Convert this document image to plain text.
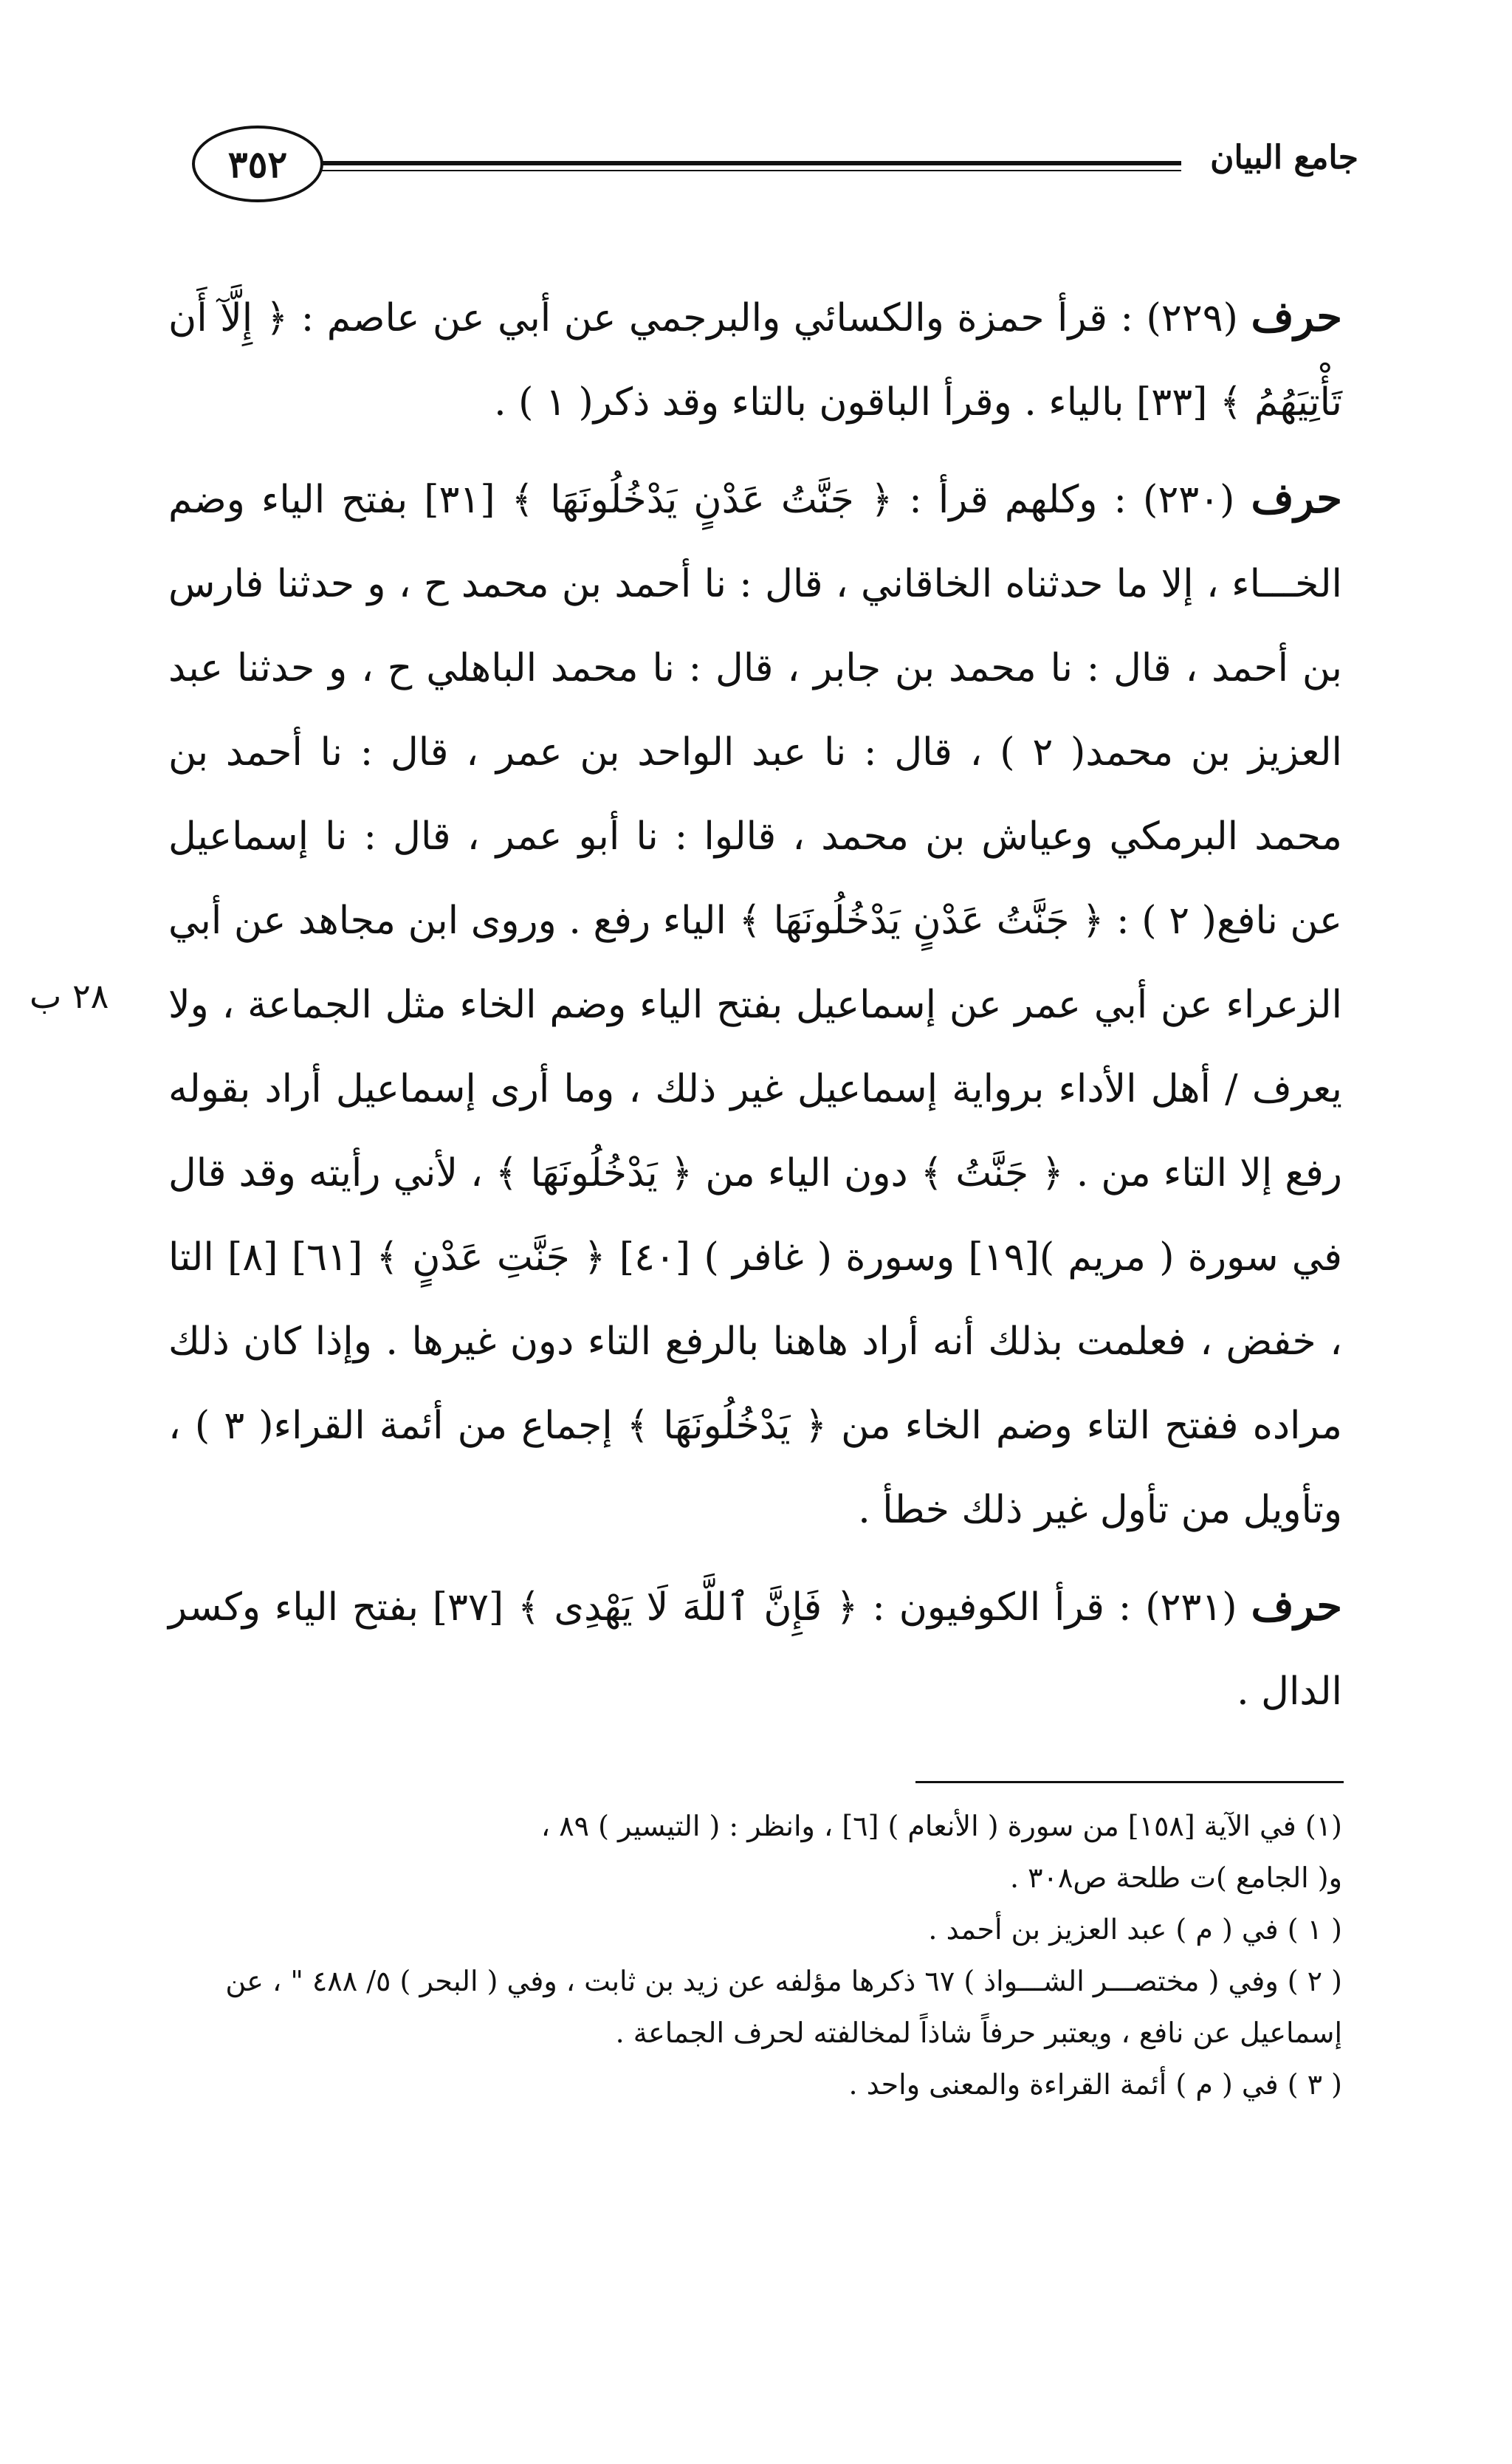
جامع البيان
٣٥٢
٢٨ ب

حرف (٢٢٩) : قرأ حمزة والكسائي والبرجمي عن أبي عن عاصم : ﴿ إِلَّآ أَن تَأْتِيَهُمُ ﴾ [٣٣] بالياء . وقرأ الباقون بالتاء وقد ذكر( ١ ) .

حرف (٢٣٠) : وكلهم قرأ : ﴿ جَنَّتُ عَدْنٍ يَدْخُلُونَهَا ﴾ [٣١] بفتح الياء وضم الخـــاء ، إلا ما حدثناه الخاقاني ، قال : نا أحمد بن محمد ح ، و حدثنا فارس بن أحمد ، قال : نا محمد بن جابر ، قال : نا محمد الباهلي ح ، و حدثنا عبد العزيز بن محمد( ٢ ) ، قال : نا عبد الواحد بن عمر ، قال : نا أحمد بن محمد البرمكي وعياش بن محمد ، قالوا : نا أبو عمر ، قال : نا إسماعيل عن نافع( ٢ ) : ﴿ جَنَّتُ عَدْنٍ يَدْخُلُونَهَا ﴾ الياء رفع . وروى ابن مجاهد عن أبي الزعراء عن أبي عمر عن إسماعيل بفتح الياء وضم الخاء مثل الجماعة ، ولا يعرف / أهل الأداء برواية إسماعيل غير ذلك ، وما أرى إسماعيل أراد بقوله رفع إلا التاء من . ﴿ جَنَّتُ ﴾ دون الياء من ﴿ يَدْخُلُونَهَا ﴾ ، لأني رأيته وقد قال في سورة ( مريم )[١٩] وسورة ( غافر ) [٤٠] ﴿ جَنَّتِ عَدْنٍ ﴾ [٦١] [٨] التا ، خفض ، فعلمت بذلك أنه أراد هاهنا بالرفع التاء دون غيرها . وإذا كان ذلك مراده ففتح التاء وضم الخاء من ﴿ يَدْخُلُونَهَا ﴾ إجماع من أئمة القراء( ٣ ) ، وتأويل من تأول غير ذلك خطأ .

حرف (٢٣١) : قرأ الكوفيون : ﴿ فَإِنَّ ٱللَّهَ لَا يَهْدِى ﴾ [٣٧] بفتح الياء وكسر الدال .

(١) في الآية [١٥٨] من سورة ( الأنعام ) [٦] ، وانظر : ( التيسير ) ٨٩ ،

و( الجامع )ت طلحة ص٣٠٨ .

( ١ ) في ( م ) عبد العزيز بن أحمد .

( ٢ ) وفي ( مختصـــر الشـــواذ ) ٦٧ ذكرها مؤلفه عن زيد بن ثابت ، وفي ( البحر ) ٥/ ٤٨٨ " ، عن

إسماعيل عن نافع ، ويعتبر حرفاً شاذاً لمخالفته لحرف الجماعة .

( ٣ ) في ( م ) أئمة القراءة والمعنى واحد .
